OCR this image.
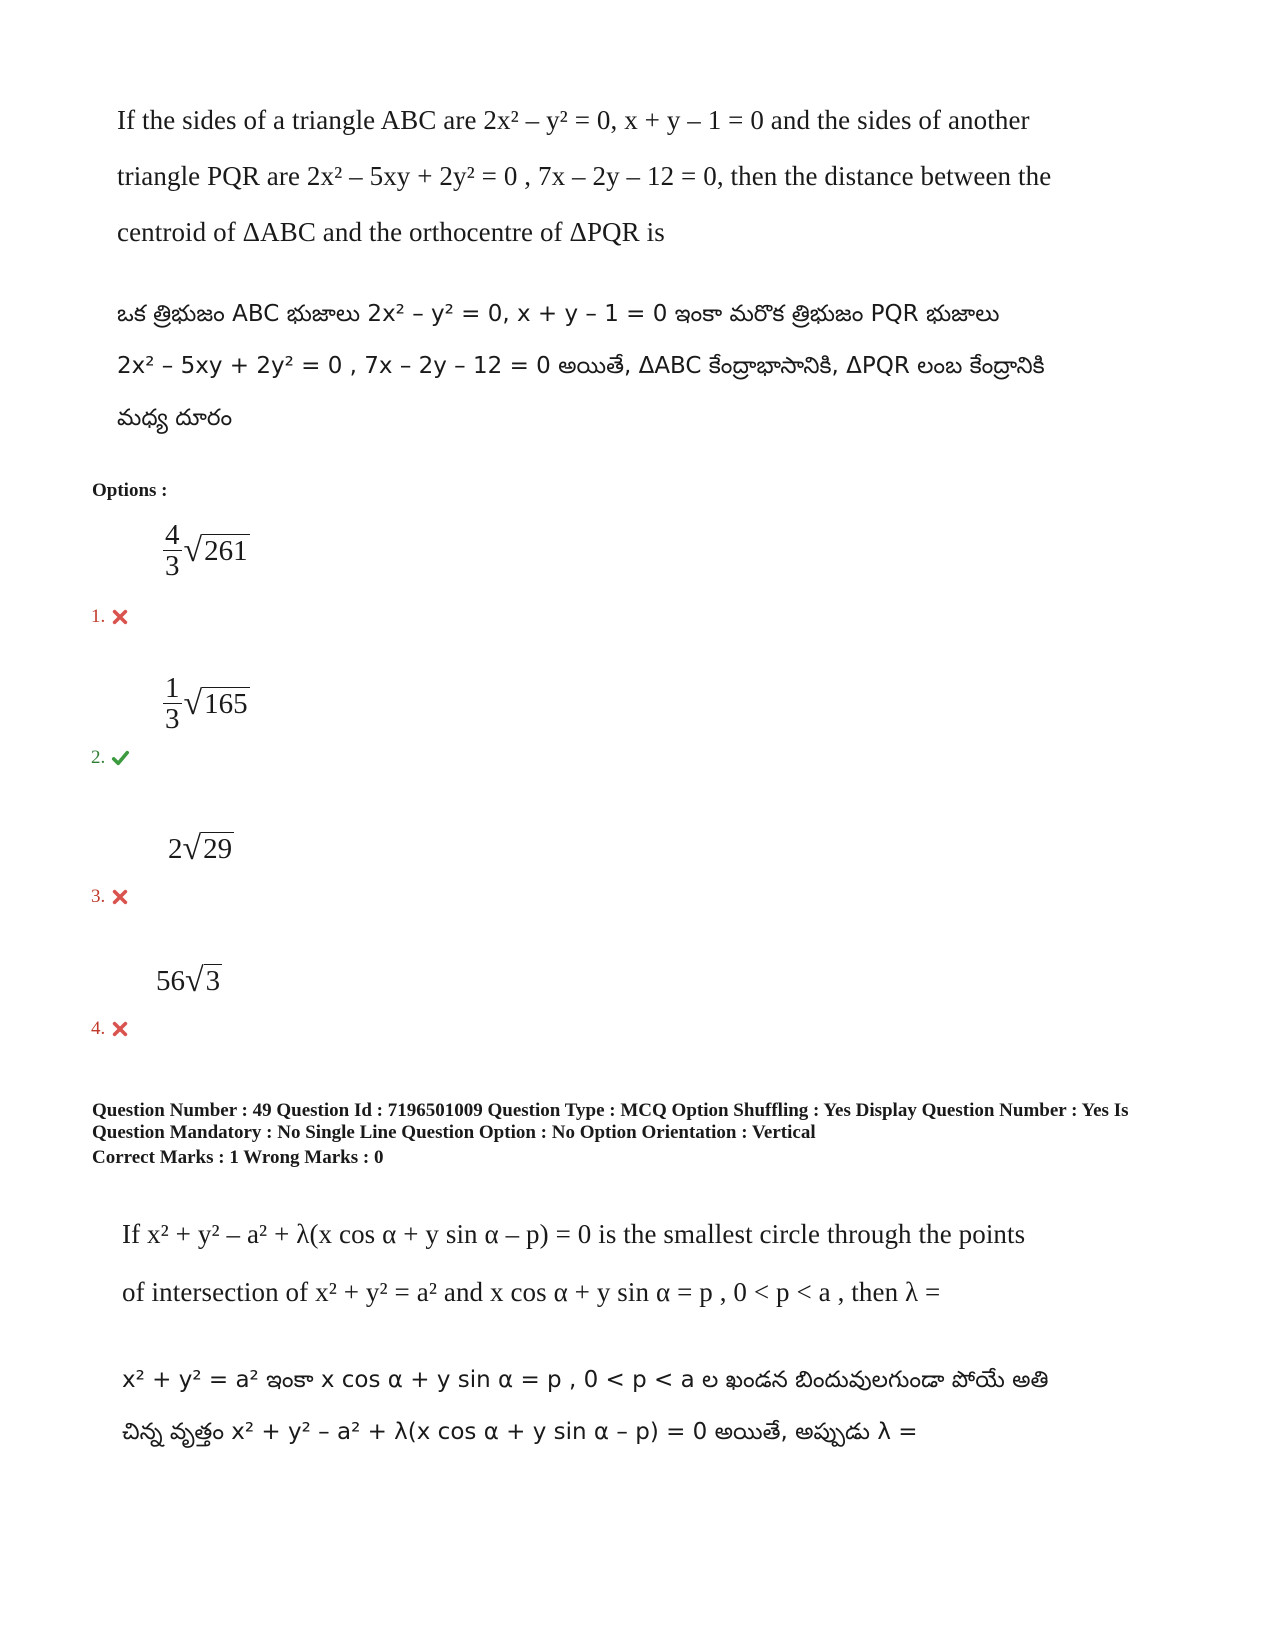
If the sides of a triangle ABC are 2x² – y² = 0, x + y – 1 = 0 and the sides of another
triangle PQR are 2x² – 5xy + 2y² = 0 , 7x – 2y – 12 = 0, then the distance between the
centroid of ΔABC and the orthocentre of ΔPQR is
ఒక త్రిభుజం ABC భుజాలు 2x² – y² = 0, x + y – 1 = 0 ఇంకా మరొక త్రిభుజం PQR భుజాలు
2x² – 5xy + 2y² = 0 , 7x – 2y – 12 = 0 అయితే, ΔABC కేంద్రాభాసానికి, ΔPQR లంబ కేంద్రానికి
మధ్య దూరం
Options :
$\frac{4}{3}$ √ 261
1.
$\frac{1}{3}$ √ 165
2.
2 √ 29
3.
56 √ 3
4.
Question Number : 49 Question Id : 7196501009 Question Type : MCQ Option Shuffling : Yes Display Question Number : Yes Is
Question Mandatory : No Single Line Question Option : No Option Orientation : Vertical
Correct Marks : 1 Wrong Marks : 0
If x² + y² – a² + λ(x cos α + y sin α – p) = 0 is the smallest circle through the points
of intersection of x² + y² = a² and x cos α + y sin α = p , 0 < p < a , then λ =
x² + y² = a² ఇంకా x cos α + y sin α = p , 0 < p < a ల ఖండన బిందువులగుండా పోయే అతి
చిన్న వృత్తం x² + y² – a² + λ(x cos α + y sin α – p) = 0 అయితే, అప్పుడు λ =
